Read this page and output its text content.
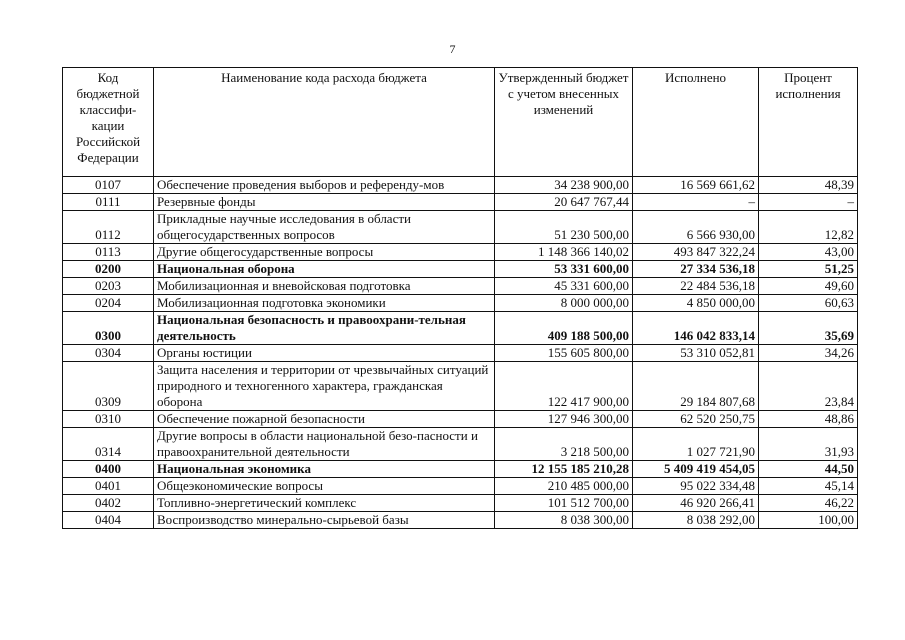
7
Код бюджетной классифи-кации Российской Федерации	Наименование кода расхода бюджета	Утвержденный бюджет с учетом внесенных изменений	Исполнено	Процент исполнения
0107	Обеспечение проведения выборов и референду-мов	34 238 900,00	16 569 661,62	48,39
0111	Резервные фонды	20 647 767,44	–	–
0112	Прикладные научные исследования в области общегосударственных вопросов	51 230 500,00	6 566 930,00	12,82
0113	Другие общегосударственные вопросы	1 148 366 140,02	493 847 322,24	43,00
0200	Национальная оборона	53 331 600,00	27 334 536,18	51,25
0203	Мобилизационная и вневойсковая подготовка	45 331 600,00	22 484 536,18	49,60
0204	Мобилизационная подготовка экономики	8 000 000,00	4 850 000,00	60,63
0300	Национальная безопасность и правоохрани-тельная деятельность	409 188 500,00	146 042 833,14	35,69
0304	Органы юстиции	155 605 800,00	53 310 052,81	34,26
0309	Защита населения и территории от чрезвычайных ситуаций природного и техногенного характера, гражданская оборона	122 417 900,00	29 184 807,68	23,84
0310	Обеспечение пожарной безопасности	127 946 300,00	62 520 250,75	48,86
0314	Другие вопросы в области национальной безо-пасности и правоохранительной деятельности	3 218 500,00	1 027 721,90	31,93
0400	Национальная экономика	12 155 185 210,28	5 409 419 454,05	44,50
0401	Общеэкономические вопросы	210 485 000,00	95 022 334,48	45,14
0402	Топливно-энергетический комплекс	101 512 700,00	46 920 266,41	46,22
0404	Воспроизводство минерально-сырьевой базы	8 038 300,00	8 038 292,00	100,00
